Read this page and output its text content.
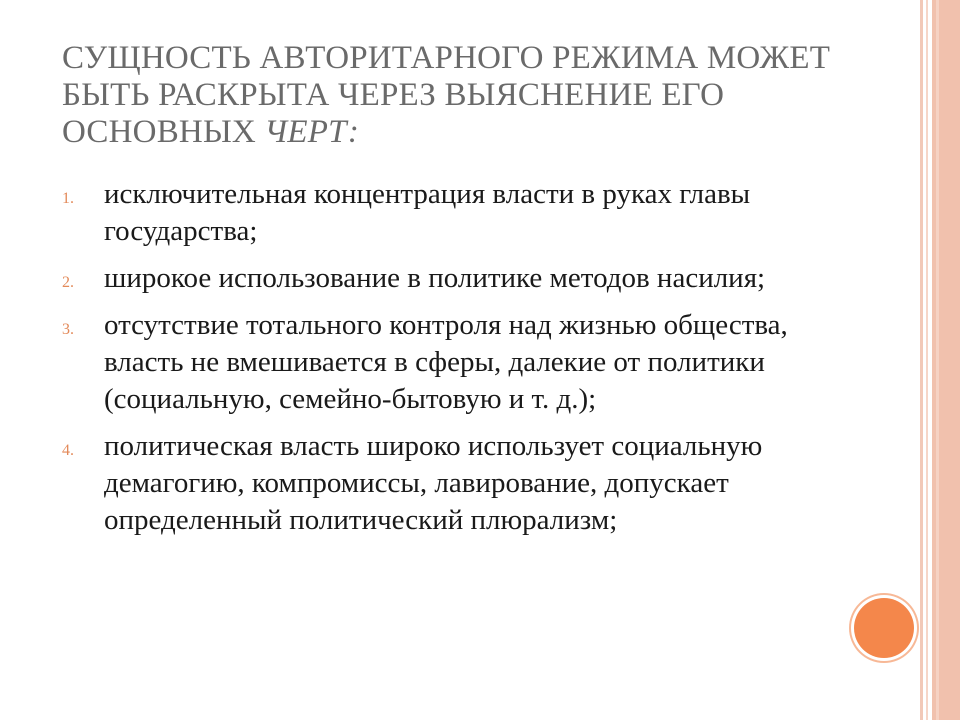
СУЩНОСТЬ АВТОРИТАРНОГО РЕЖИМА МОЖЕТ БЫТЬ РАСКРЫТА ЧЕРЕЗ ВЫЯСНЕНИЕ ЕГО ОСНОВНЫХ ЧЕРТ:
1. исключительная концентрация власти в руках главы государства;
2. широкое использование в политике методов насилия;
3. отсутствие тотального контроля над жизнью общества, власть не вмешивается в сферы, далекие от политики (социальную, семейно-бытовую и т. д.);
4. политическая власть широко использует социальную демагогию, компромиссы, лавирование, допускает определенный политический плюрализм;
